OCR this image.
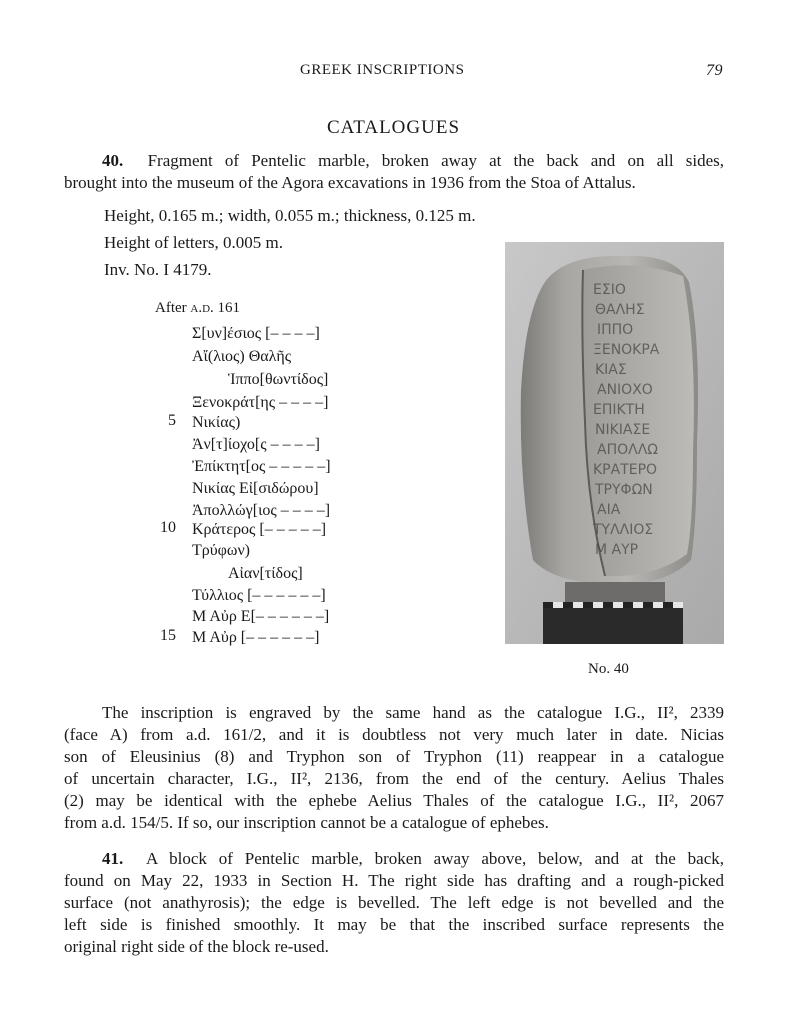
GREEK INSCRIPTIONS	79
CATALOGUES
40. Fragment of Pentelic marble, broken away at the back and on all sides,
brought into the museum of the Agora excavations in 1936 from the Stoa of Attalus.
Height, 0.165 m.; width, 0.055 m.; thickness, 0.125 m.
Height of letters, 0.005 m.
Inv. No. I 4179.
After a.d. 161
Σ[υν]έσιος [– – – –]
Αἴ(λιος) Θαλῆς
Ἱππο[θωντίδος]
Ξενοκράτ[ης – – – –]
5 Νικίας)
Ἀν[τ]ίοχο[ς – – – –]
Ἐπίκτητ[ος – – – – –]
Νικίας Εἰ[σιδώρου]
Ἀπολλώγ[ιος – – – –]
10 Κράτερος [– – – – –]
Τρύφων)
Αἰαν[τίδος]
Τύλλιος [– – – – – –]
Μ Αὐρ Ε[– – – – – –]
15 Μ Αὐρ [– – – – – –]
ΕΣΙΟ
ΘΑΛΗΣ
ΙΠΠΟ
ΞΕΝΟΚΡΑ
ΚΙΑΣ
ΑΝΙΟΧΟ
ΕΠΙΚΤΗ
ΝΙΚΙΑΣΕ
ΑΠΟΛΛΩ
ΚΡΑΤΕΡΟ
ΤΡΥΦΩΝ
ΑΙΑ
ΤΥΛΛΙΟΣ
Μ ΑΥΡ
No. 40
The inscription is engraved by the same hand as the catalogue I.G., II², 2339
(face A) from a.d. 161/2, and it is doubtless not very much later in date. Nicias
son of Eleusinius (8) and Tryphon son of Tryphon (11) reappear in a catalogue
of uncertain character, I.G., II², 2136, from the end of the century. Aelius Thales
(2) may be identical with the ephebe Aelius Thales of the catalogue I.G., II², 2067
from a.d. 154/5. If so, our inscription cannot be a catalogue of ephebes.
41. A block of Pentelic marble, broken away above, below, and at the back,
found on May 22, 1933 in Section H. The right side has drafting and a rough-picked
surface (not anathyrosis); the edge is bevelled. The left edge is not bevelled and the
left side is finished smoothly. It may be that the inscribed surface represents the
original right side of the block re-used.
